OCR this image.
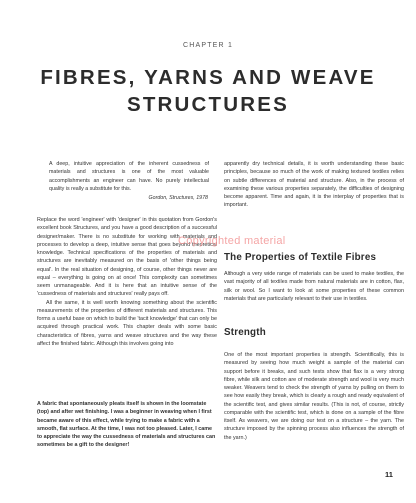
CHAPTER 1
FIBRES, YARNS AND WEAVE STRUCTURES
A deep, intuitive appreciation of the inherent cussedness of materials and structures is one of the most valuable accomplishments an engineer can have. No purely intellectual quality is really a substitute for this.
Gordon, Structures, 1978

Replace the word 'engineer' with 'designer' in this quotation from Gordon's excellent book Structures, and you have a good description of a successful designer/maker. There is no substitute for working with materials and processes to develop a deep, intuitive sense that goes beyond theoretical knowledge. Technical specifications of the properties of materials and structures are inevitably measured on the basis of 'other things being equal'. In the real situation of designing, of course, other things never are equal – everything is going on at once! This complexity can sometimes seem unmanageable. And it is here that an intuitive sense of the 'cussedness of materials and structures' really pays off.

All the same, it is well worth knowing something about the scientific measurements of the properties of different materials and structures. This forms a useful base on which to build the 'tacit knowledge' that can only be acquired through practical work. This chapter deals with some basic characteristics of fibres, yarns and weave structures and the way these affect the finished fabric. Although this involves going into

A fabric that spontaneously pleats itself is shown in the loomstate (top) and after wet finishing. I was a beginner in weaving when I first became aware of this effect, while trying to make a fabric with a smooth, flat surface. At the time, I was not too pleased. Later, I came to appreciate the way the cussedness of materials and structures can sometimes be a gift to the designer!

apparently dry technical details, it is worth understanding these basic principles, because so much of the work of making textured textiles relies on subtle differences of material and structure. Also, in the process of examining these various properties separately, the difficulties of designing become apparent. Time and again, it is the interplay of properties that is important.

The Properties of Textile Fibres

Although a very wide range of materials can be used to make textiles, the vast majority of all textiles made from natural materials are in cotton, flax, silk or wool. So I want to look at some properties of these common materials that are particularly relevant to their use in textiles.

Strength

One of the most important properties is strength. Scientifically, this is measured by seeing how much weight a sample of the material can support before it breaks, and such tests show that flax is a very strong fibre, while silk and cotton are of moderate strength and wool is very much weaker. Weavers tend to check the strength of yarns by pulling on them to see how easily they break, which is clearly a rough and ready equivalent of the scientific test, and gives similar results. (This is not, of course, strictly comparable with the scientific test, which is done on a sample of the fibre itself. As weavers, we are doing our test on a structure – the yarn. The structure imposed by the spinning process also influences the strength of the yarn.)

Copyrighted material
11
